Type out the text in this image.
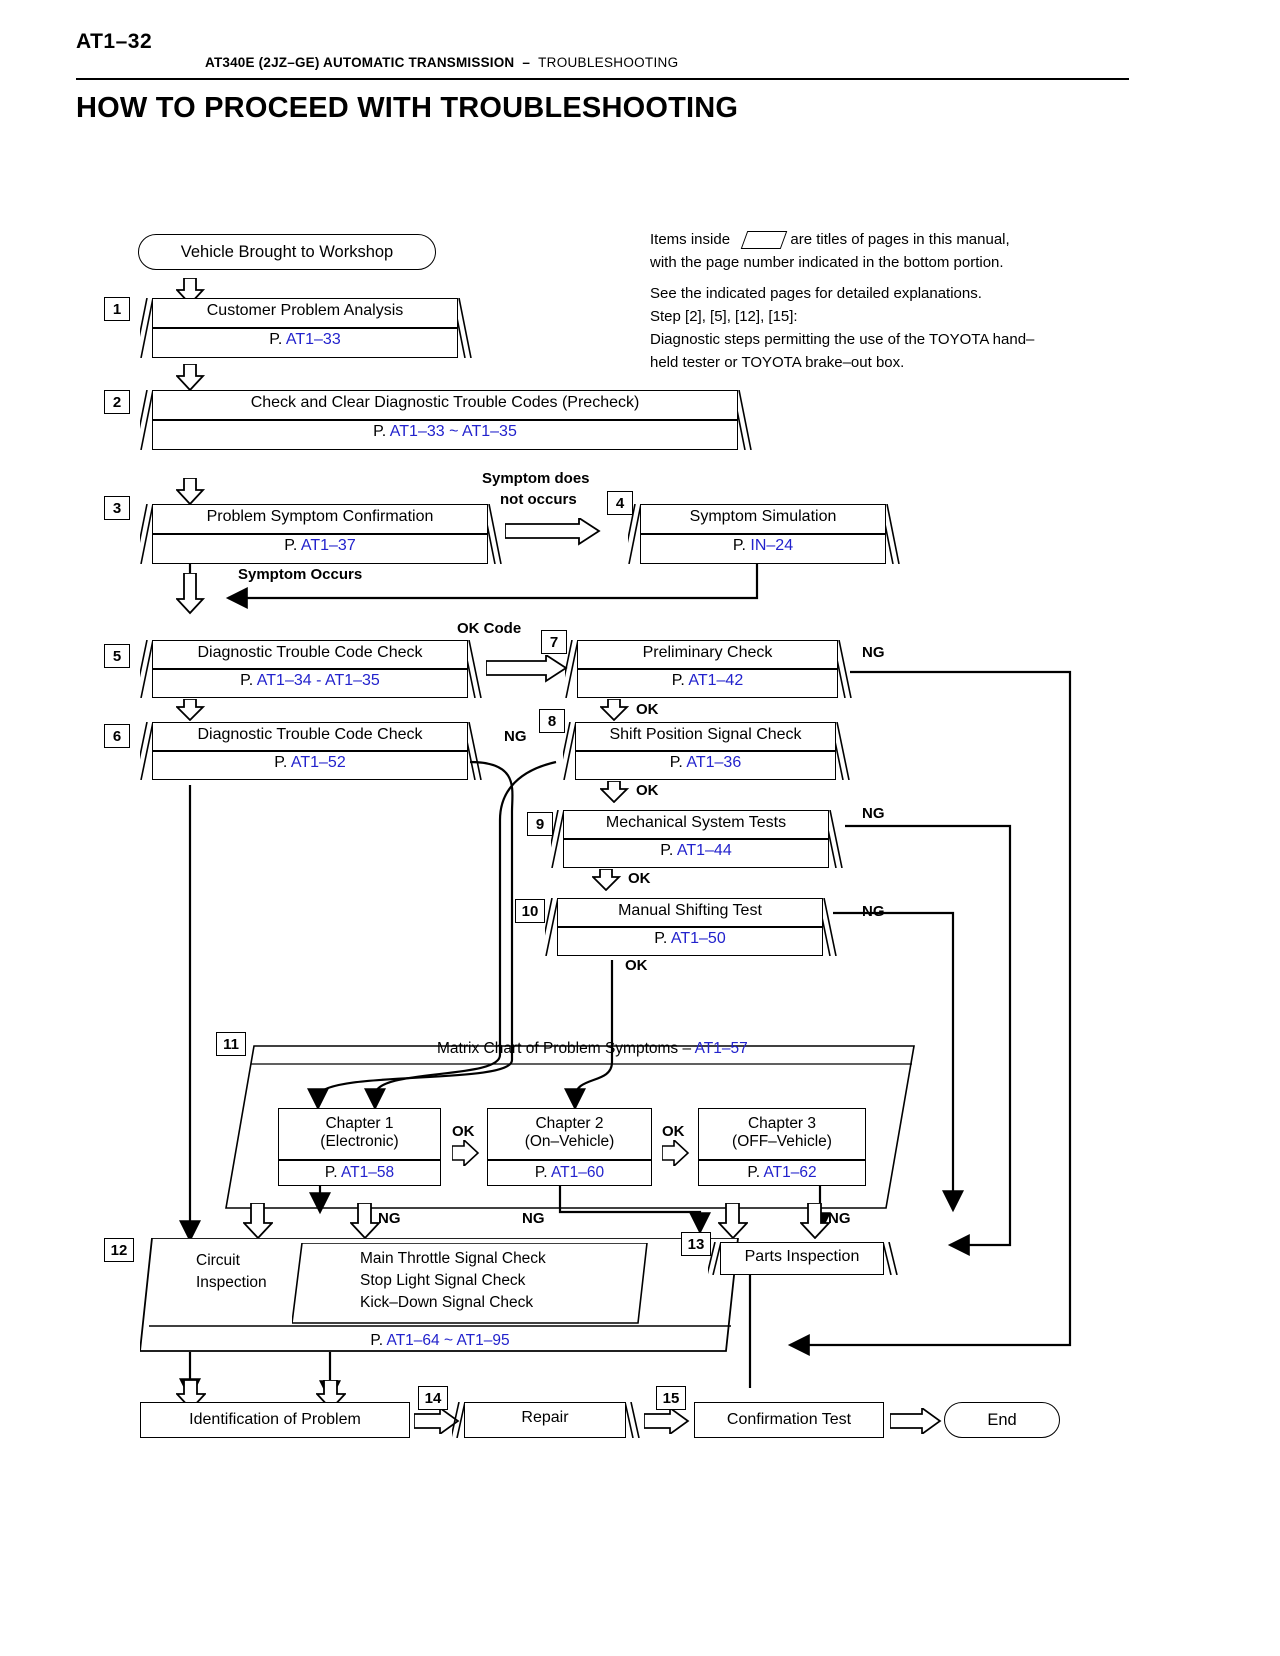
AT1–32
AT340E (2JZ–GE) AUTOMATIC TRANSMISSION – TROUBLESHOOTING
HOW TO PROCEED WITH TROUBLESHOOTING
Items inside	are titles of pages in this manual,
with the page number indicated in the bottom portion.
See the indicated pages for detailed explanations.
Step [2], [5], [12], [15]:
Diagnostic steps permitting the use of the TOYOTA hand–
held tester or TOYOTA brake–out box.
Vehicle Brought to Workshop
1	Customer Problem Analysis
P. AT1–33
2	Check and Clear Diagnostic Trouble Codes (Precheck)
P. AT1–33 ~ AT1–35
3	Problem Symptom Confirmation
P. AT1–37
Symptom does
not occurs	4
Symptom Simulation
P. IN–24
Symptom Occurs
5	Diagnostic Trouble Code Check
P. AT1–34 - AT1–35
OK Code
7
Preliminary Check
P. AT1–42
NG
OK
6	Diagnostic Trouble Code Check
P. AT1–52
NG
8
Shift Position Signal Check
P. AT1–36
OK
9	Mechanical System Tests
P. AT1–44
NG
OK
10	Manual Shifting Test
P. AT1–50
NG
OK
11	Matrix Chart of Problem Symptoms – AT1–57
Chapter 1
(Electronic)
P. AT1–58
OK	Chapter 2
(On–Vehicle)
P. AT1–60
OK	Chapter 3
(OFF–Vehicle)
P. AT1–62
NG	NG	NG
12
Circuit
Inspection
Main Throttle Signal Check
Stop Light Signal Check
Kick–Down Signal Check
P. AT1–64 ~ AT1–95
13
Parts Inspection
Identification of Problem
14
Repair
15
Confirmation Test	End
